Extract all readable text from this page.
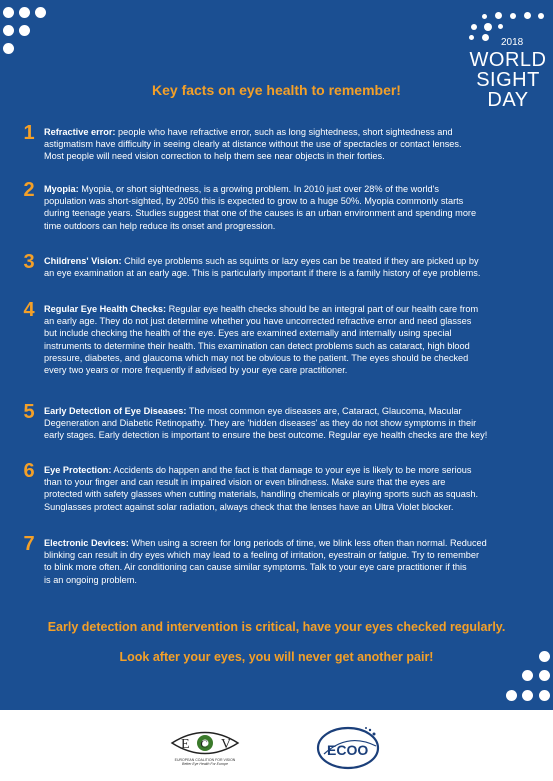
2018
WORLD
SIGHT
DAY
Key facts on eye health to remember!
1	Refractive error: people who have refractive error, such as long sightedness, short sightedness and
astigmatism have difficulty in seeing clearly at distance without the use of spectacles or contact lenses.
Most people will need vision correction to help them see near objects in their forties.
2	Myopia: Myopia, or short sightedness, is a growing problem. In 2010 just over 28% of the world's
population was short-sighted, by 2050 this is expected to grow to a huge 50%. Myopia commonly starts
during teenage years. Studies suggest that one of the causes is an urban environment and spending more
time outdoors can help reduce its onset and progression.
3	Childrens' Vision: Child eye problems such as squints or lazy eyes can be treated if they are picked up by
an eye examination at an early age. This is particularly important if there is a family history of eye problems.
4	Regular Eye Health Checks: Regular eye health checks should be an integral part of our health care from
an early age. They do not just determine whether you have uncorrected refractive error and need glasses
but include checking the health of the eye. Eyes are examined externally and internally using special
instruments to determine their health. This examination can detect problems such as cataract, high blood
pressure, diabetes, and glaucoma which may not be obvious to the patient. The eyes should be checked
every two years or more frequently if advised by your eye care practitioner.
5	Early Detection of Eye Diseases: The most common eye diseases are, Cataract, Glaucoma, Macular
Degeneration and Diabetic Retinopathy. They are 'hidden diseases' as they do not show symptoms in their
early stages. Early detection is important to ensure the best outcome. Regular eye health checks are the key!
6	Eye Protection: Accidents do happen and the fact is that damage to your eye is likely to be more serious
than to your finger and can result in impaired vision or even blindness. Make sure that the eyes are
protected with safety glasses when cutting materials, handling chemicals or playing sports such as squash.
Sunglasses protect against solar radiation, always check that the lenses have an Ultra Violet blocker.
7	Electronic Devices: When using a screen for long periods of time, we blink less often than normal. Reduced
blinking can result in dry eyes which may lead to a feeling of irritation, eyestrain or fatigue. Try to remember
to blink more often. Air conditioning can cause similar symptoms. Talk to your eye care practitioner if this
is an ongoing problem.
Early detection and intervention is critical, have your eyes checked regularly.
Look after your eyes, you will never get another pair!
E V
C
EUROPEAN COALITION FOR VISION
Better Eye Health For Europe
ECOO
